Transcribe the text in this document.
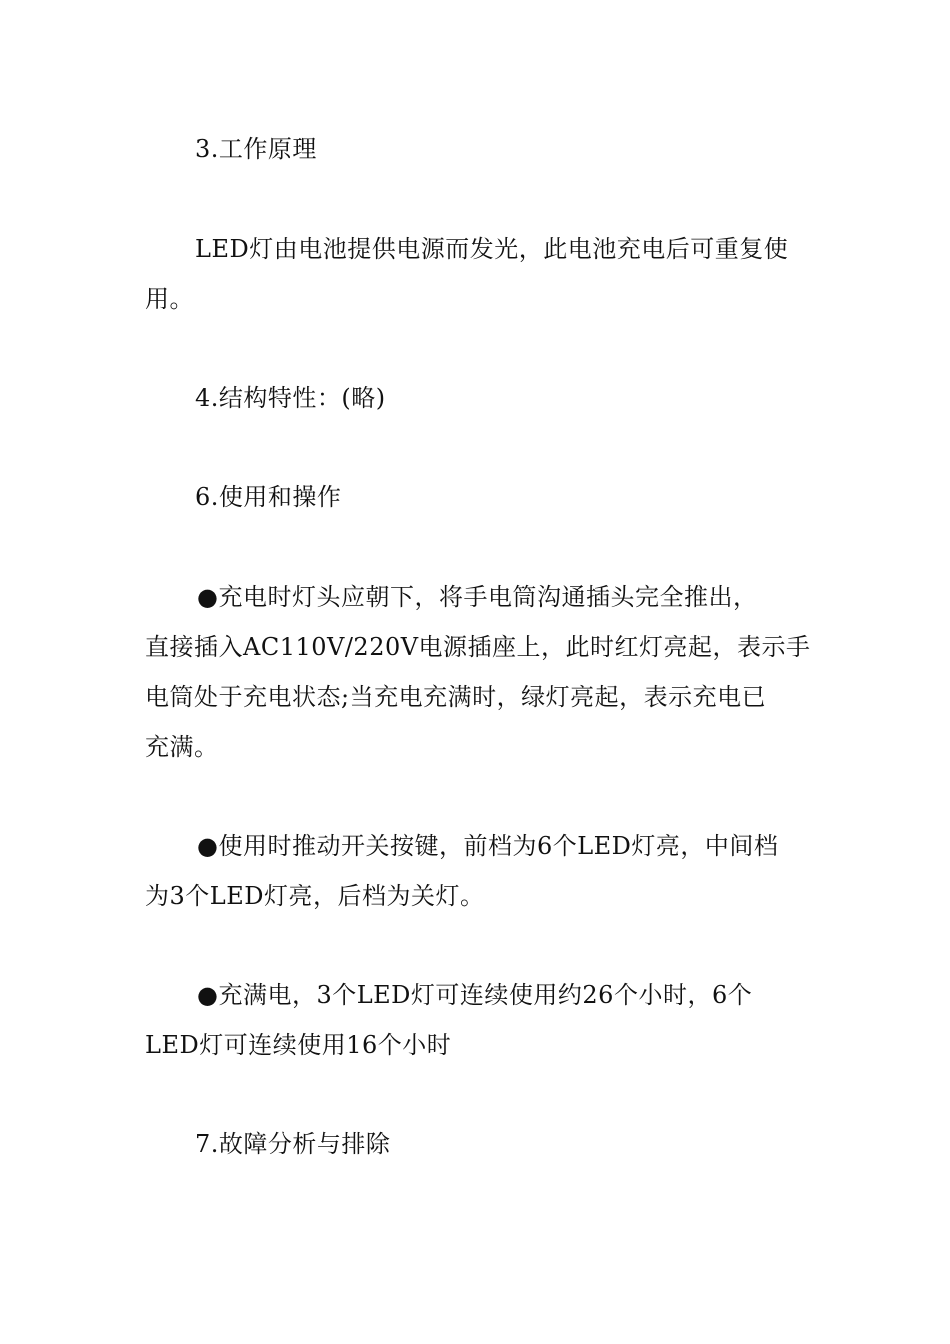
3.工作原理

LED灯由电池提供电源而发光，此电池充电后可重复使
用。

4.结构特性：(略)

6.使用和操作

●充电时灯头应朝下，将手电筒沟通插头完全推出，
直接插入AC110V/220V电源插座上，此时红灯亮起，表示手
电筒处于充电状态;当充电充满时，绿灯亮起，表示充电已
充满。

●使用时推动开关按键，前档为6个LED灯亮，中间档
为3个LED灯亮，后档为关灯。

●充满电，3个LED灯可连续使用约26个小时，6个
LED灯可连续使用16个小时

7.故障分析与排除
